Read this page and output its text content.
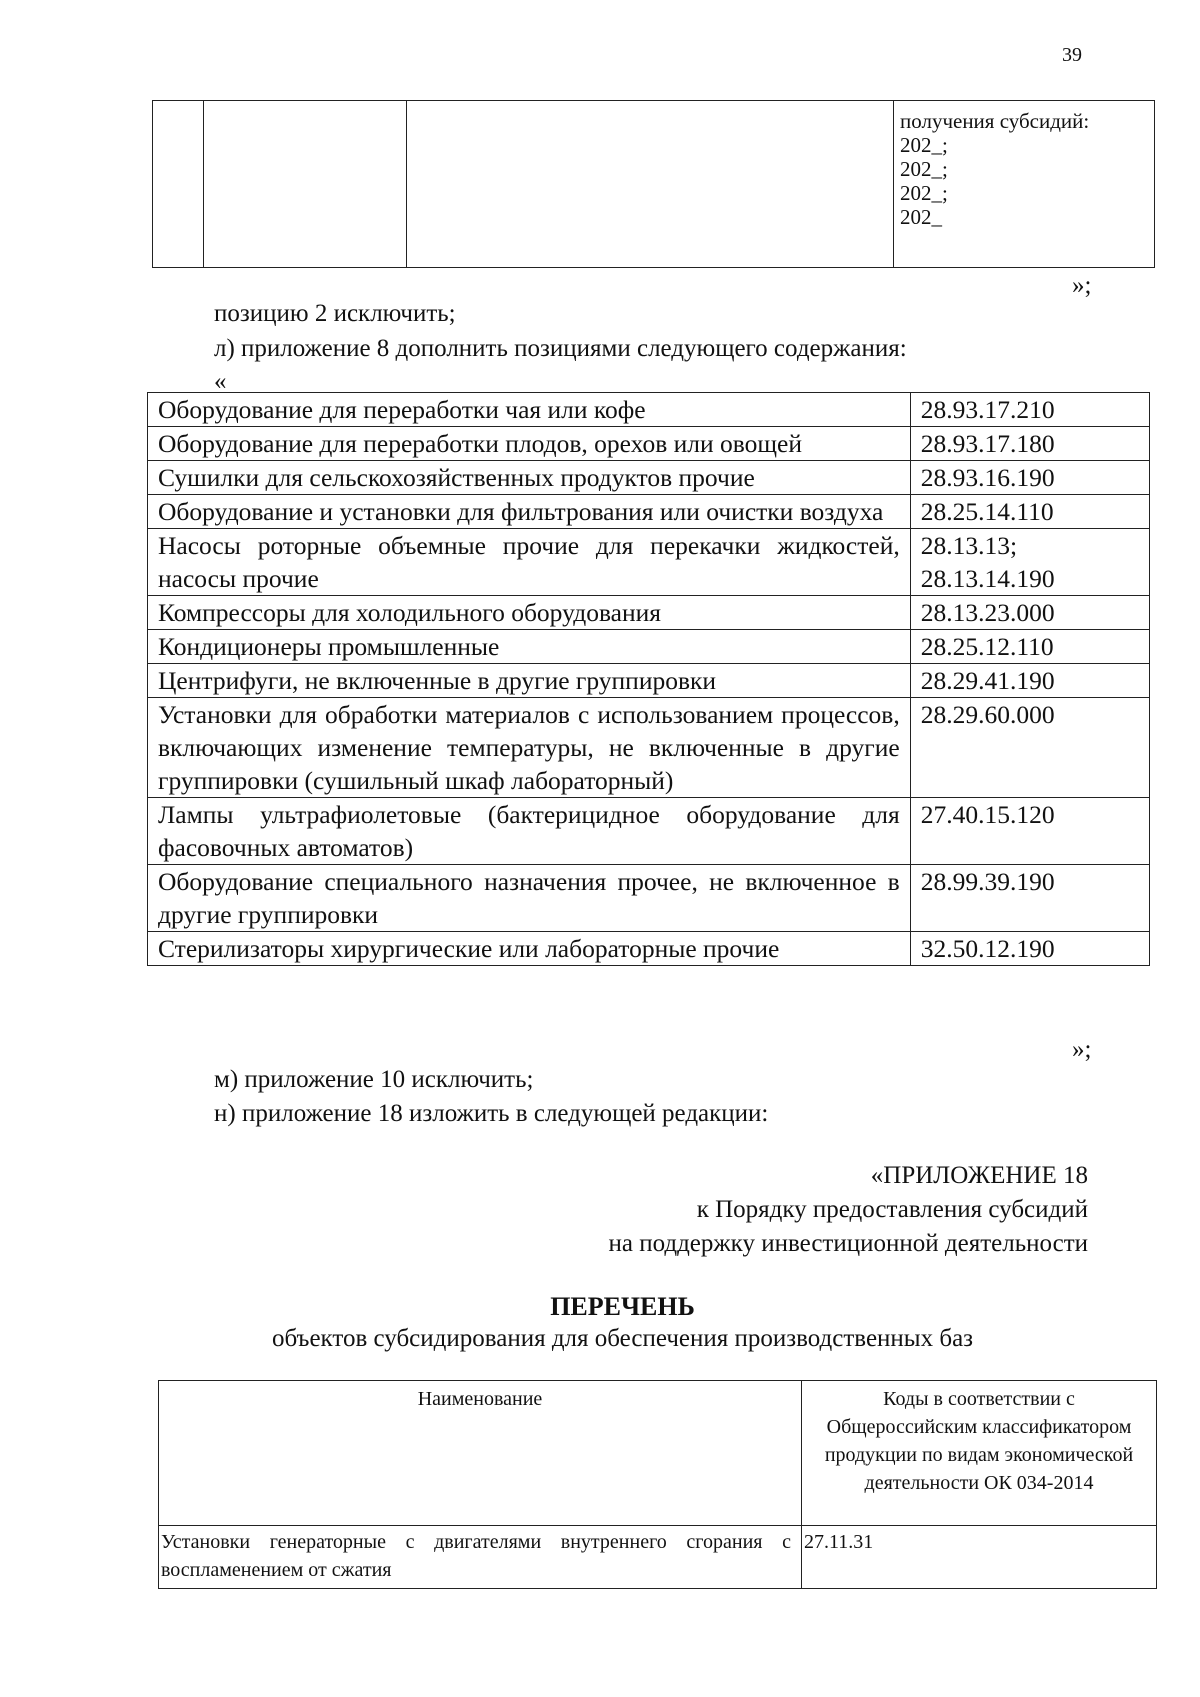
39

получения субсидий:
202_;
202_;
202_;
202_
»;
позицию 2 исключить;
л) приложение 8 дополнить позициями следующего содержания:
«
Оборудование для переработки чая или кофе	28.93.17.210
Оборудование для переработки плодов, орехов или овощей	28.93.17.180
Сушилки для сельскохозяйственных продуктов прочие	28.93.16.190
Оборудование и установки для фильтрования или очистки воздуха	28.25.14.110
Насосы роторные объемные прочие для перекачки жидкостей, насосы прочие	28.13.13;
28.13.14.190
Компрессоры для холодильного оборудования	28.13.23.000
Кондиционеры промышленные	28.25.12.110
Центрифуги, не включенные в другие группировки	28.29.41.190
Установки для обработки материалов с использованием процессов, включающих изменение температуры, не включенные в другие группировки (сушильный шкаф лабораторный)	28.29.60.000
Лампы ультрафиолетовые (бактерицидное оборудование для фасовочных автоматов)	27.40.15.120
Оборудование специального назначения прочее, не включенное в другие группировки	28.99.39.190
Стерилизаторы хирургические или лабораторные прочие	32.50.12.190
»;
м) приложение 10 исключить;
н) приложение 18 изложить в следующей редакции:
«ПРИЛОЖЕНИЕ 18
к Порядку предоставления субсидий
на поддержку инвестиционной деятельности
ПЕРЕЧЕНЬ
объектов субсидирования для обеспечения производственных баз
Наименование	Коды в соответствии с Общероссийским классификатором продукции по видам экономической деятельности ОК 034-2014
Установки генераторные с двигателями внутреннего сгорания с воспламенением от сжатия	27.11.31
